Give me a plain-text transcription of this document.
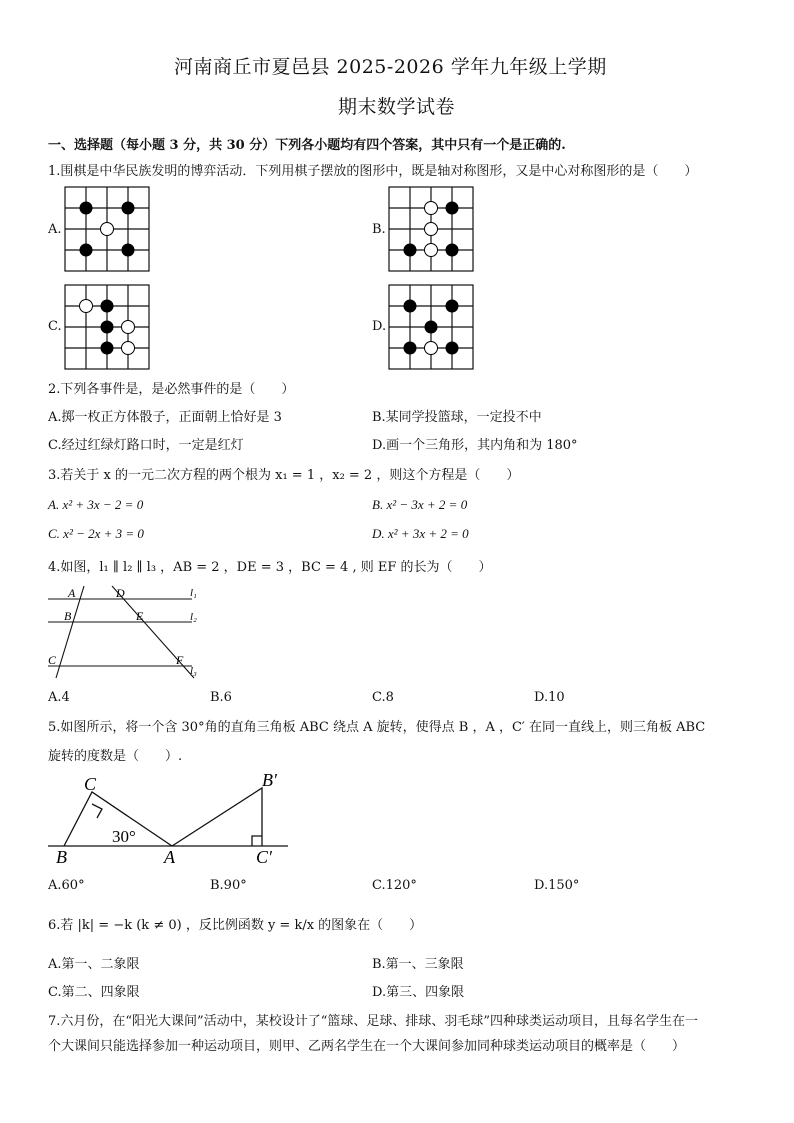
河南商丘市夏邑县 2025-2026 学年九年级上学期
期末数学试卷
一、选择题（每小题 3 分，共 30 分）下列各小题均有四个答案，其中只有一个是正确的.
1.围棋是中华民族发明的博弈活动．下列用棋子摆放的图形中，既是轴对称图形，又是中心对称图形的是（　　）
A.	B.
C.	D.
2.下列各事件是，是必然事件的是（　　）
A.掷一枚正方体骰子，正面朝上恰好是 3	B.某同学投篮球，一定投不中
C.经过红绿灯路口时，一定是红灯	D.画一个三角形，其内角和为 180°
3.若关于 x 的一元二次方程的两个根为 x₁ = 1 ，x₂ = 2 ，则这个方程是（　　）
A. x² + 3x − 2 = 0	B. x² − 3x + 2 = 0
C. x² − 2x + 3 = 0	D. x² + 3x + 2 = 0
4.如图，l₁ ∥ l₂ ∥ l₃ ，AB = 2 ，DE = 3 ，BC = 4 , 则 EF 的长为（　　）
A
B
C
D
E
F
l₁
l₂
l₃
A.4	B.6	C.8	D.10
5.如图所示，将一个含 30°角的直角三角板 ABC 绕点 A 旋转，使得点 B ，A ，C′ 在同一直线上，则三角板 ABC
旋转的度数是（　　）.
B	A
C	B′
C′
30°
A.60°	B.90°	C.120°	D.150°
6.若 |k| = −k (k ≠ 0) ，反比例函数 y = k/x 的图象在（　　）
A.第一、二象限	B.第一、三象限
C.第二、四象限	D.第三、四象限
7.六月份，在“阳光大课间”活动中，某校设计了“篮球、足球、排球、羽毛球”四种球类运动项目，且每名学生在一
个大课间只能选择参加一种运动项目，则甲、乙两名学生在一个大课间参加同种球类运动项目的概率是（　　）
